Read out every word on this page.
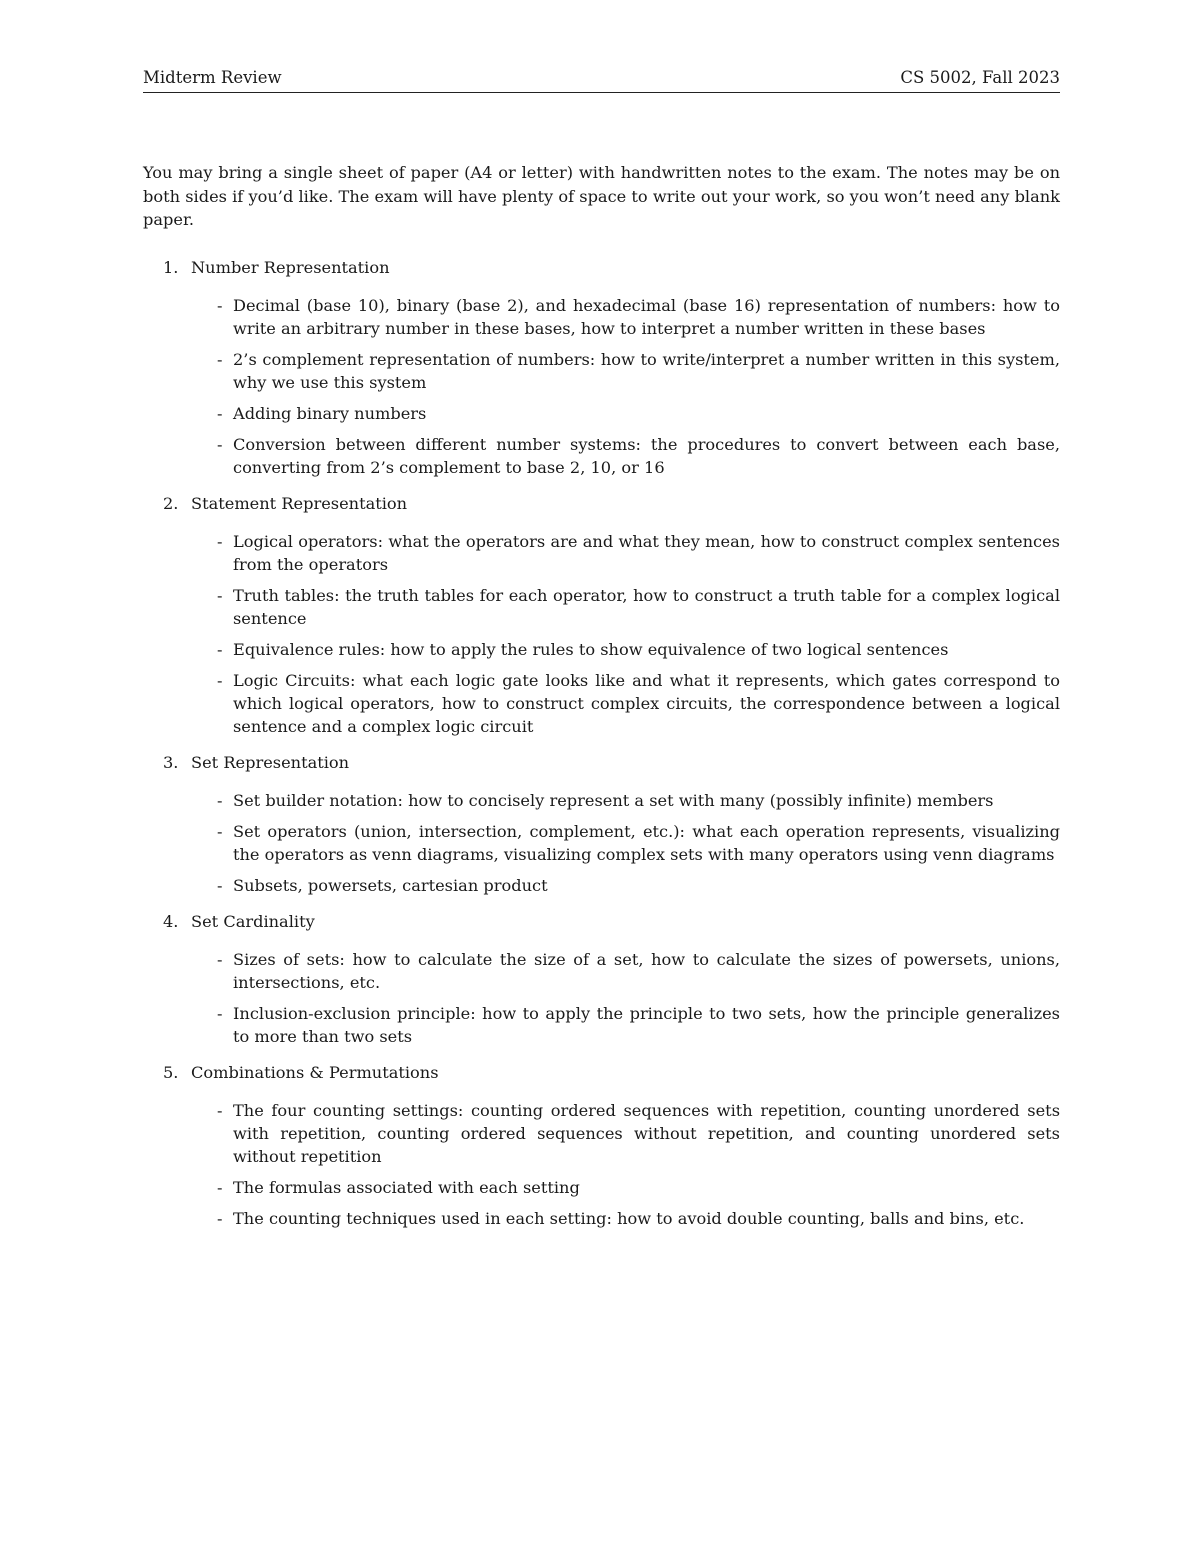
Midterm Review	CS 5002, Fall 2023

You may bring a single sheet of paper (A4 or letter) with handwritten notes to the exam. The notes may be on both sides if you’d like. The exam will have plenty of space to write out your work, so you won’t need any blank paper.

1. Number Representation
- Decimal (base 10), binary (base 2), and hexadecimal (base 16) representation of numbers: how to write an arbitrary number in these bases, how to interpret a number written in these bases
- 2’s complement representation of numbers: how to write/interpret a number written in this system, why we use this system
- Adding binary numbers
- Conversion between different number systems: the procedures to convert between each base, converting from 2’s complement to base 2, 10, or 16
2. Statement Representation
- Logical operators: what the operators are and what they mean, how to construct complex sentences from the operators
- Truth tables: the truth tables for each operator, how to construct a truth table for a complex logical sentence
- Equivalence rules: how to apply the rules to show equivalence of two logical sentences
- Logic Circuits: what each logic gate looks like and what it represents, which gates correspond to which logical operators, how to construct complex circuits, the correspondence between a logical sentence and a complex logic circuit
3. Set Representation
- Set builder notation: how to concisely represent a set with many (possibly infinite) members
- Set operators (union, intersection, complement, etc.): what each operation represents, visualizing the operators as venn diagrams, visualizing complex sets with many operators using venn diagrams
- Subsets, powersets, cartesian product
4. Set Cardinality
- Sizes of sets: how to calculate the size of a set, how to calculate the sizes of powersets, unions, intersections, etc.
- Inclusion-exclusion principle: how to apply the principle to two sets, how the principle generalizes to more than two sets
5. Combinations & Permutations
- The four counting settings: counting ordered sequences with repetition, counting unordered sets with repetition, counting ordered sequences without repetition, and counting unordered sets without repetition
- The formulas associated with each setting
- The counting techniques used in each setting: how to avoid double counting, balls and bins, etc.
